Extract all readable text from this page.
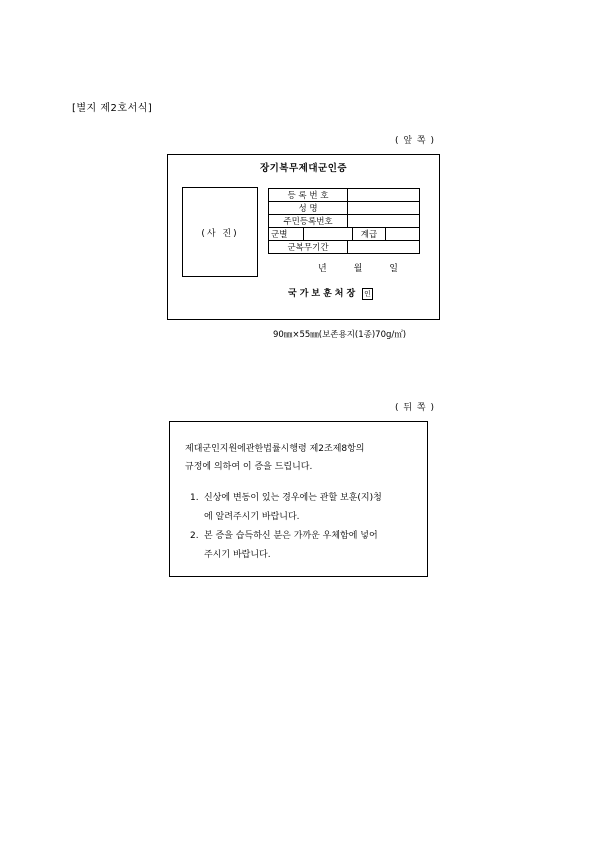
[별지 제2호서식]
( 앞 쪽 )
장기복무제대군인증
(사 진)
등 록 번 호	
성 명	
주민등록번호	

군별		계급	

군복무기간	
년	월	일
국가보훈처장 인
90㎜×55㎜(보존용지(1종)70g/㎡)
( 뒤 쪽 )
제대군인지원에관한법률시행령 제2조제8항의
규정에 의하여 이 증을 드립니다.
1. 신상에 변동이 있는 경우에는 관할 보훈(지)청
에 알려주시기 바랍니다.
2. 본 증을 습득하신 분은 가까운 우체함에 넣어
주시기 바랍니다.
